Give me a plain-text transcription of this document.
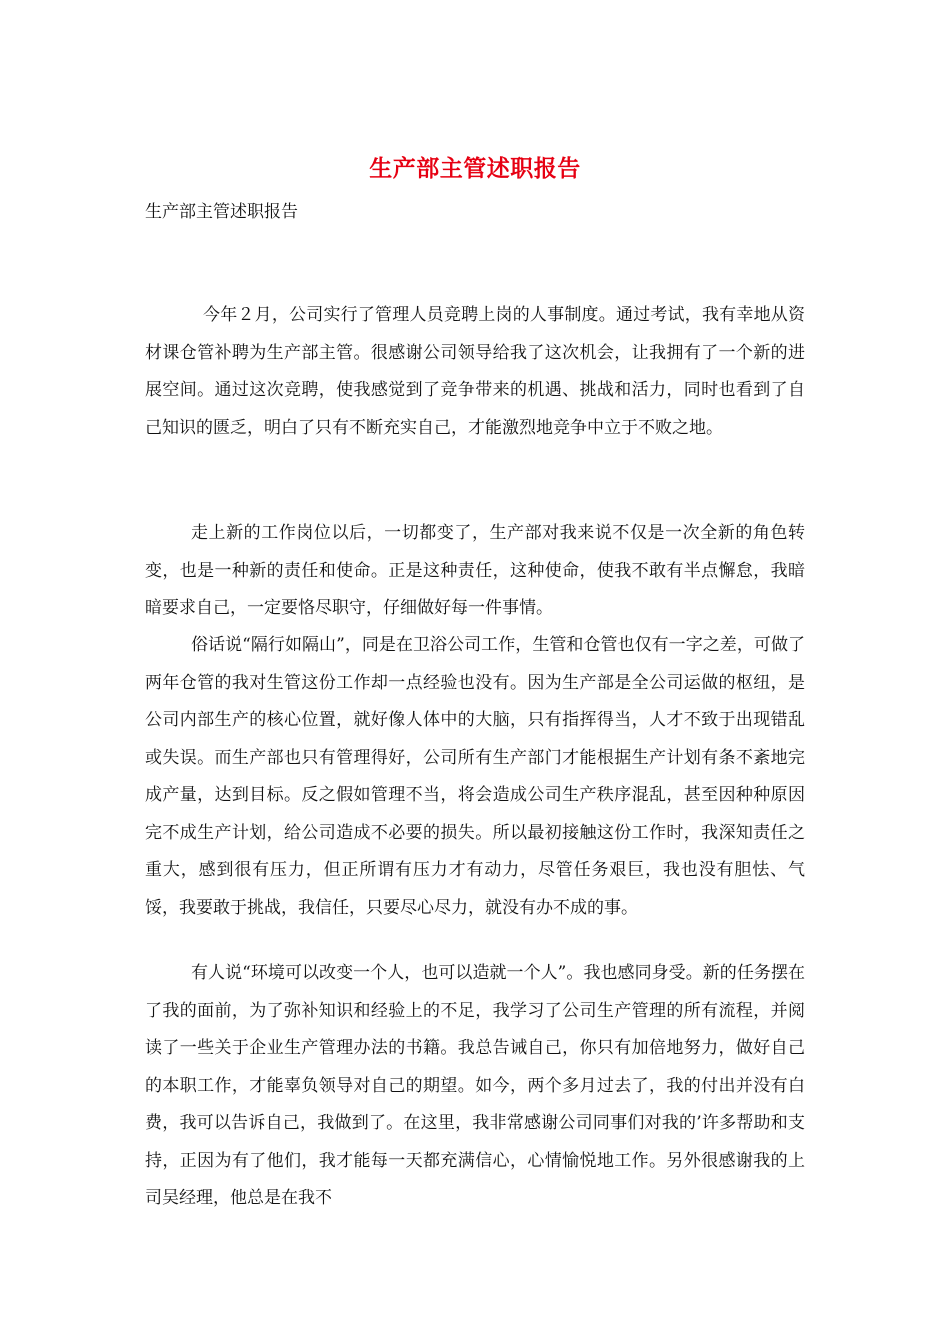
生产部主管述职报告
生产部主管述职报告

今年２月，公司实行了管理人员竞聘上岗的人事制度。通过考试，我有幸地从资材课仓管补聘为生产部主管。很感谢公司领导给我了这次机会，让我拥有了一个新的进展空间。通过这次竞聘，使我感觉到了竞争带来的机遇、挑战和活力，同时也看到了自己知识的匮乏，明白了只有不断充实自己，才能激烈地竞争中立于不败之地。

走上新的工作岗位以后，一切都变了，生产部对我来说不仅是一次全新的角色转变，也是一种新的责任和使命。正是这种责任，这种使命，使我不敢有半点懈怠，我暗暗要求自己，一定要恪尽职守，仔细做好每一件事情。

俗话说“隔行如隔山”，同是在卫浴公司工作，生管和仓管也仅有一字之差，可做了两年仓管的我对生管这份工作却一点经验也没有。因为生产部是全公司运做的枢纽，是公司内部生产的核心位置，就好像人体中的大脑，只有指挥得当，人才不致于出现错乱或失误。而生产部也只有管理得好，公司所有生产部门才能根据生产计划有条不紊地完成产量，达到目标。反之假如管理不当，将会造成公司生产秩序混乱，甚至因种种原因完不成生产计划，给公司造成不必要的损失。所以最初接触这份工作时，我深知责任之重大，感到很有压力，但正所谓有压力才有动力，尽管任务艰巨，我也没有胆怯、气馁，我要敢于挑战，我信任，只要尽心尽力，就没有办不成的事。

有人说“环境可以改变一个人，也可以造就一个人”。我也感同身受。新的任务摆在了我的面前，为了弥补知识和经验上的不足，我学习了公司生产管理的所有流程，并阅读了一些关于企业生产管理办法的书籍。我总告诫自己，你只有加倍地努力，做好自己的本职工作，才能辜负领导对自己的期望。如今，两个多月过去了，我的付出并没有白费，我可以告诉自己，我做到了。在这里，我非常感谢公司同事们对我的’许多帮助和支持，正因为有了他们，我才能每一天都充满信心，心情愉悦地工作。另外很感谢我的上司吴经理，他总是在我不
